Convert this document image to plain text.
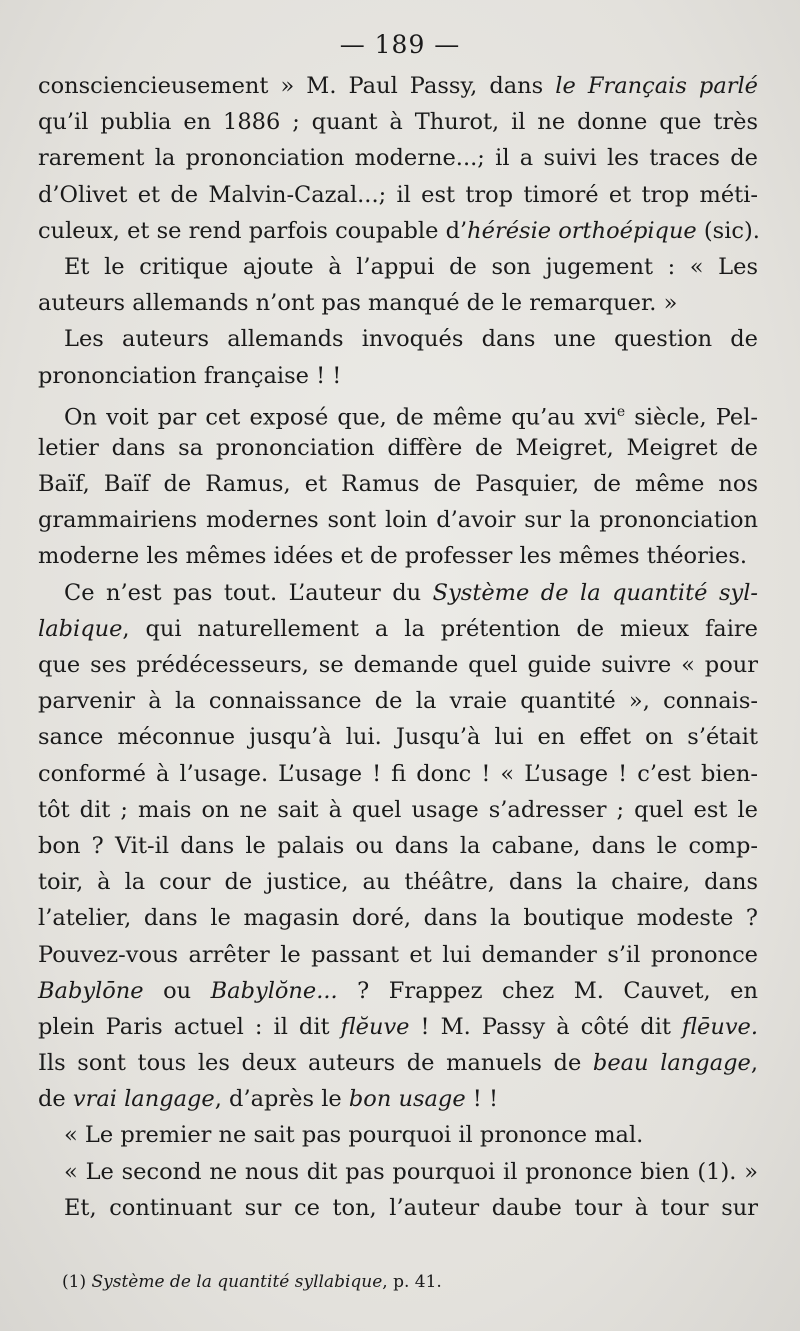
— 189 —
consciencieusement » M. Paul Passy, dans le Français parlé
qu’il publia en 1886 ; quant à Thurot, il ne donne que très
rarement la prononciation moderne...; il a suivi les traces de
d’Olivet et de Malvin-Cazal...; il est trop timoré et trop méti-
culeux, et se rend parfois coupable d’hérésie orthoépique (sic).
Et le critique ajoute à l’appui de son jugement : « Les
auteurs allemands n’ont pas manqué de le remarquer. »
Les auteurs allemands invoqués dans une question de
prononciation française ! !
On voit par cet exposé que, de même qu’au xvi$^e$ siècle, Pel-
letier dans sa prononciation diffère de Meigret, Meigret de
Baïf, Baïf de Ramus, et Ramus de Pasquier, de même nos
grammairiens modernes sont loin d’avoir sur la prononciation
moderne les mêmes idées et de professer les mêmes théories.
Ce n’est pas tout. L’auteur du Système de la quantité syl-
labique, qui naturellement a la prétention de mieux faire
que ses prédécesseurs, se demande quel guide suivre « pour
parvenir à la connaissance de la vraie quantité », connais-
sance méconnue jusqu’à lui. Jusqu’à lui en effet on s’était
conformé à l’usage. L’usage ! fi donc ! « L’usage ! c’est bien-
tôt dit ; mais on ne sait à quel usage s’adresser ; quel est le
bon ? Vit-il dans le palais ou dans la cabane, dans le comp-
toir, à la cour de justice, au théâtre, dans la chaire, dans
l’atelier, dans le magasin doré, dans la boutique modeste ?
Pouvez-vous arrêter le passant et lui demander s’il prononce
Babylōne ou Babylŏne... ? Frappez chez M. Cauvet, en
plein Paris actuel : il dit flĕuve ! M. Passy à côté dit flēuve.
Ils sont tous les deux auteurs de manuels de beau langage,
de vrai langage, d’après le bon usage ! !
« Le premier ne sait pas pourquoi il prononce mal.
« Le second ne nous dit pas pourquoi il prononce bien (1). »
Et, continuant sur ce ton, l’auteur daube tour à tour sur
(1) Système de la quantité syllabique, p. 41.
